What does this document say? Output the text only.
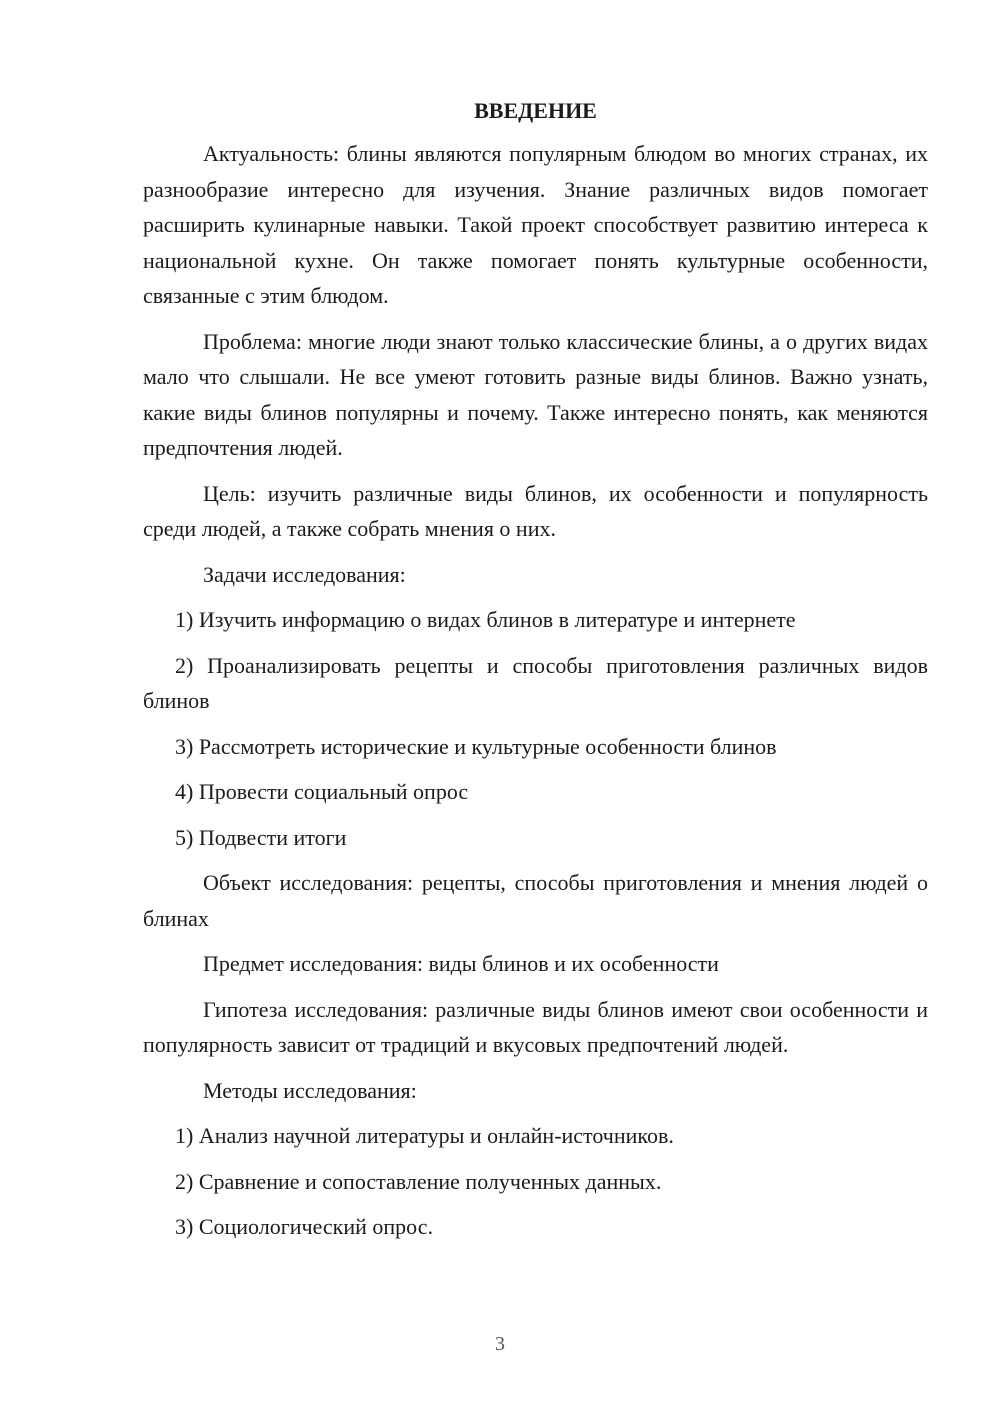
ВВЕДЕНИЕ

Актуальность: блины являются популярным блюдом во многих странах, их разнообразие интересно для изучения. Знание различных видов помогает расширить кулинарные навыки. Такой проект способствует развитию интереса к национальной кухне. Он также помогает понять культурные особенности, связанные с этим блюдом.

Проблема: многие люди знают только классические блины, а о других видах мало что слышали. Не все умеют готовить разные виды блинов. Важно узнать, какие виды блинов популярны и почему. Также интересно понять, как меняются предпочтения людей.

Цель: изучить различные виды блинов, их особенности и популярность среди людей, а также собрать мнения о них.

Задачи исследования:

1) Изучить информацию о видах блинов в литературе и интернете

2) Проанализировать рецепты и способы приготовления различных видов блинов

3) Рассмотреть исторические и культурные особенности блинов

4) Провести социальный опрос

5) Подвести итоги

Объект исследования: рецепты, способы приготовления и мнения людей о блинах

Предмет исследования: виды блинов и их особенности

Гипотеза исследования: различные виды блинов имеют свои особенности и популярность зависит от традиций и вкусовых предпочтений людей.

Методы исследования:

1) Анализ научной литературы и онлайн-источников.

2) Сравнение и сопоставление полученных данных.

3) Социологический опрос.

3
